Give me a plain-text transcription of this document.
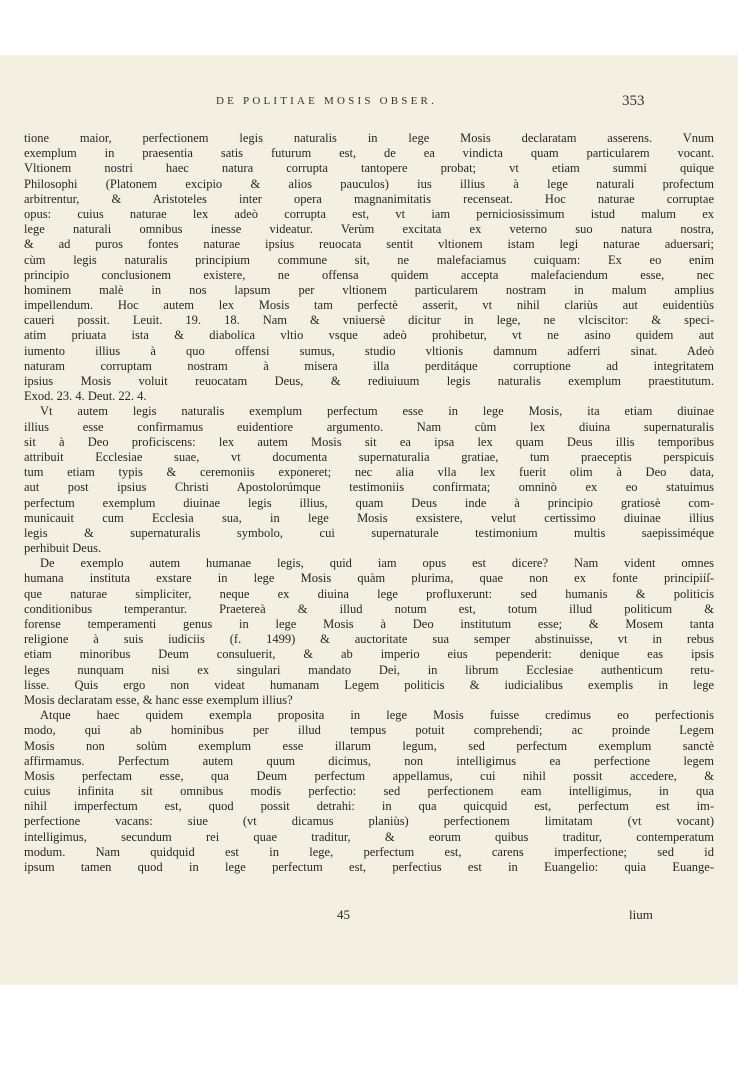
DE POLITIAE MOSIS OBSER.	353
tione maior, perfectionem legis naturalis in lege Mosis declaratam asserens. Vnum
exemplum in praesentia satis futurum est, de ea vindicta quam particularem vocant.
Vltionem nostri haec natura corrupta tantopere probat; vt etiam summi quique
Philosophi (Platonem excipio & alios pauculos) ius illius à lege naturali profectum
arbitrentur, & Aristoteles inter opera magnanimitatis recenseat. Hoc naturae corruptae
opus: cuius naturae lex adeò corrupta est, vt iam perniciosissimum istud malum ex
lege naturali omnibus inesse videatur. Verùm excitata ex veterno suo natura nostra,
& ad puros fontes naturae ipsius reuocata sentit vltionem istam legi naturae aduersari;
cùm legis naturalis principium commune sit, ne malefaciamus cuiquam: Ex eo enim
principio conclusionem existere, ne offensa quidem accepta malefaciendum esse, nec
hominem malè in nos lapsum per vltionem particularem nostram in malum amplius
impellendum. Hoc autem lex Mosis tam perfectè asserit, vt nihil clariùs aut euidentiùs
caueri possit. Leuit. 19. 18. Nam & vniuersè dicitur in lege, ne vlciscitor: & speci-
atim priuata ista & diabolica vltio vsque adeò prohibetur, vt ne asino quidem aut
iumento illius à quo offensi sumus, studio vltionis damnum adferri sinat. Adeò
naturam corruptam nostram à misera illa perditáque corruptione ad integritatem
ipsius Mosis voluit reuocatam Deus, & rediuiuum legis naturalis exemplum praestitutum.
Exod. 23. 4. Deut. 22. 4.
Vt autem legis naturalis exemplum perfectum esse in lege Mosis, ita etiam diuinae
illius esse confirmamus euidentiore argumento. Nam cùm lex diuina supernaturalis
sit à Deo proficiscens: lex autem Mosis sit ea ipsa lex quam Deus illis temporibus
attribuit Ecclesiae suae, vt documenta supernaturalia gratiae, tum praeceptis perspicuis
tum etiam typis & ceremoniis exponeret; nec alia vlla lex fuerit olim à Deo data,
aut post ipsius Christi Apostolorúmque testimoniis confirmata; omninò ex eo statuimus
perfectum exemplum diuinae legis illius, quam Deus inde à principio gratiosè com-
municauit cum Ecclesia sua, in lege Mosis exsistere, velut certissimo diuinae illius
legis & supernaturalis symbolo, cui supernaturale testimonium multis saepissiméque
perhibuit Deus.
De exemplo autem humanae legis, quid iam opus est dicere? Nam vident omnes
humana instituta exstare in lege Mosis quàm plurima, quae non ex fonte principiíſ-
que naturae simpliciter, neque ex diuina lege profluxerunt: sed humanis & politicis
conditionibus temperantur. Praetereà & illud notum est, totum illud politicum &
forense temperamenti genus in lege Mosis à Deo institutum esse; & Mosem tanta
religione à suis iudiciis (f. 1499) & auctoritate sua semper abstinuisse, vt in rebus
etiam minoribus Deum consuluerit, & ab imperio eius pependerit: denique eas ipsis
leges nunquam nisi ex singulari mandato Dei, in librum Ecclesiae authenticum retu-
lisse. Quis ergo non videat humanam Legem politicis & iudicialibus exemplis in lege
Mosis declaratam esse, & hanc esse exemplum illius?
Atque haec quidem exempla proposita in lege Mosis fuisse credimus eo perfectionis
modo, qui ab hominibus per illud tempus potuit comprehendi; ac proinde Legem
Mosis non solùm exemplum esse illarum legum, sed perfectum exemplum sanctè
affirmamus. Perfectum autem quum dicimus, non intelligimus ea perfectione legem
Mosis perfectam esse, qua Deum perfectum appellamus, cui nihil possit accedere, &
cuius infinita sit omnibus modis perfectio: sed perfectionem eam intelligimus, in qua
nihil imperfectum est, quod possit detrahi: in qua quicquid est, perfectum est im-
perfectione vacans: siue (vt dicamus planiùs) perfectionem limitatam (vt vocant)
intelligimus, secundum rei quae traditur, & eorum quibus traditur, contemperatum
modum. Nam quidquid est in lege, perfectum est, carens imperfectione; sed id
ipsum tamen quod in lege perfectum est, perfectius est in Euangelio: quia Euange-
45	lium
